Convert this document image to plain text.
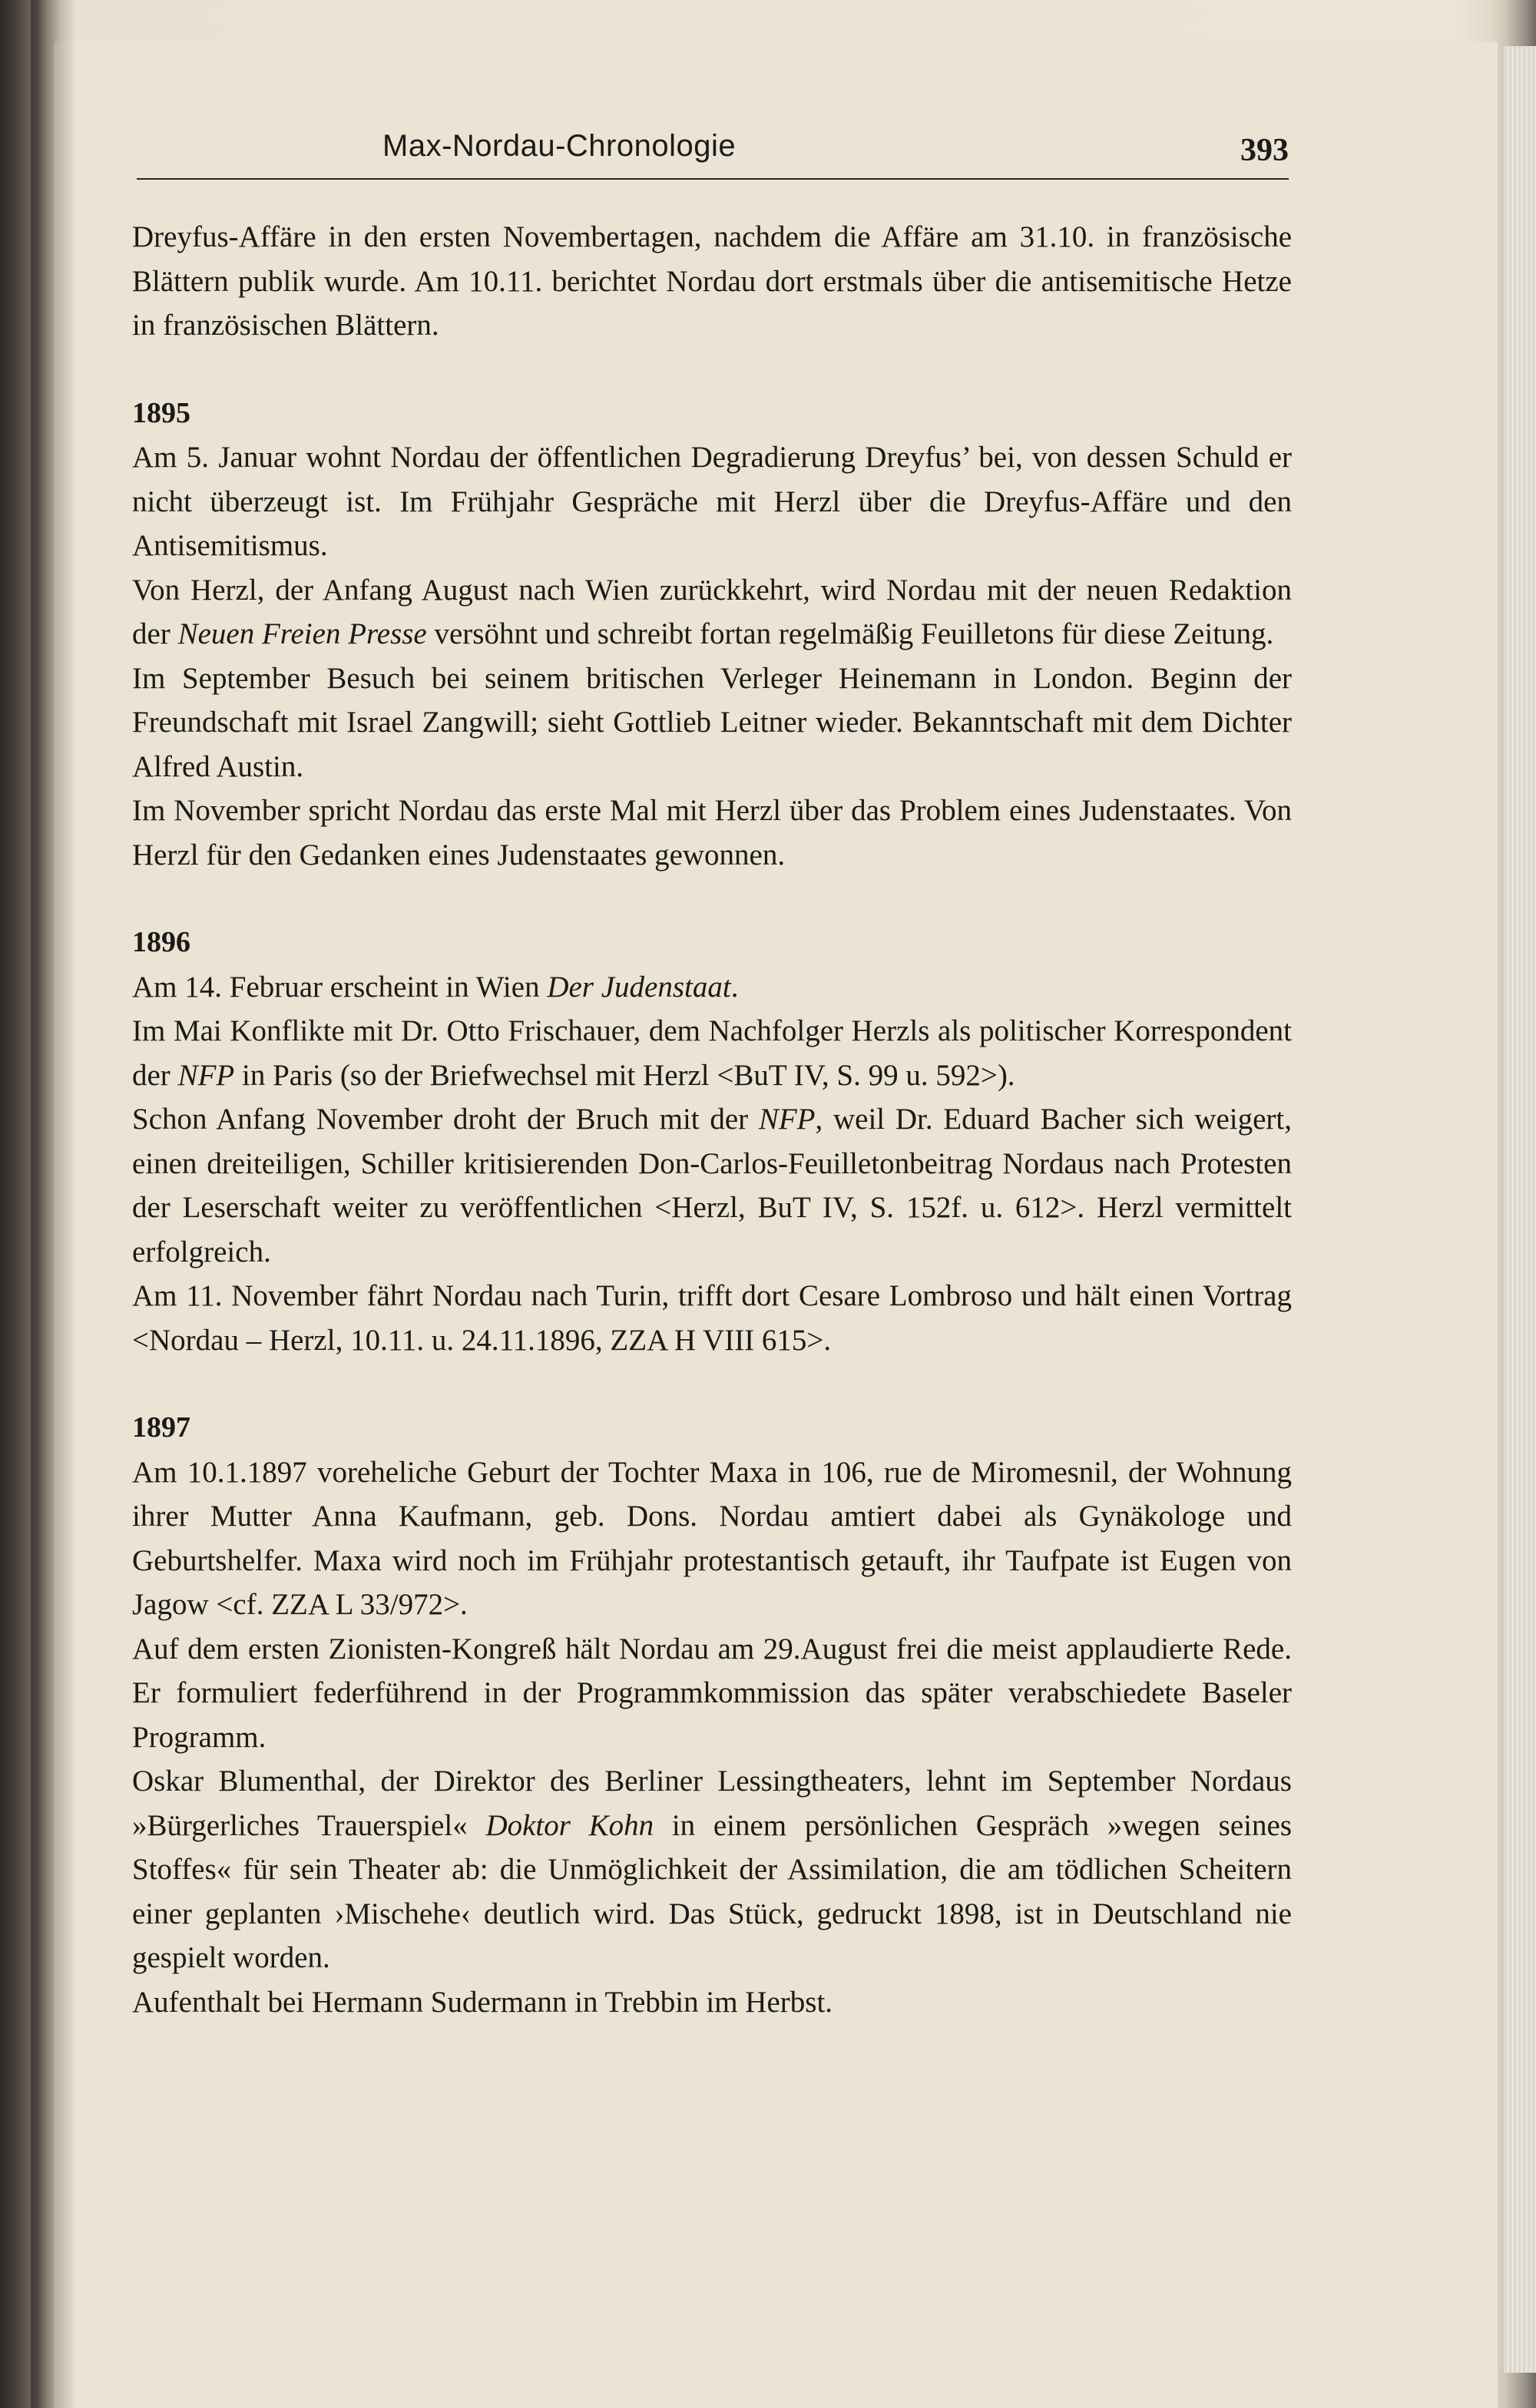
Max-Nordau-Chronologie	393

Dreyfus-Affäre in den ersten Novembertagen, nachdem die Affäre am 31.10. in französische Blättern publik wurde. Am 10.11. berichtet Nordau dort erstmals über die antisemitische Hetze in französischen Blättern.

1895

Am 5. Januar wohnt Nordau der öffentlichen Degradierung Dreyfus’ bei, von dessen Schuld er nicht überzeugt ist. Im Frühjahr Gespräche mit Herzl über die Dreyfus-Affäre und den Antisemitismus.

Von Herzl, der Anfang August nach Wien zurückkehrt, wird Nordau mit der neuen Redaktion der Neuen Freien Presse versöhnt und schreibt fortan regelmäßig Feuilletons für diese Zeitung.

Im September Besuch bei seinem britischen Verleger Heinemann in London. Beginn der Freundschaft mit Israel Zangwill; sieht Gottlieb Leitner wieder. Bekanntschaft mit dem Dichter Alfred Austin.

Im November spricht Nordau das erste Mal mit Herzl über das Problem eines Judenstaates. Von Herzl für den Gedanken eines Judenstaates gewonnen.

1896

Am 14. Februar erscheint in Wien Der Judenstaat.

Im Mai Konflikte mit Dr. Otto Frischauer, dem Nachfolger Herzls als politischer Korrespondent der NFP in Paris (so der Briefwechsel mit Herzl <BuT IV, S. 99 u. 592>).

Schon Anfang November droht der Bruch mit der NFP, weil Dr. Eduard Bacher sich weigert, einen dreiteiligen, Schiller kritisierenden Don-Carlos-Feuilletonbeitrag Nordaus nach Protesten der Leserschaft weiter zu veröffentlichen <Herzl, BuT IV, S. 152f. u. 612>. Herzl vermittelt erfolgreich.

Am 11. November fährt Nordau nach Turin, trifft dort Cesare Lombroso und hält einen Vortrag <Nordau – Herzl, 10.11. u. 24.11.1896, ZZA H VIII 615>.

1897

Am 10.1.1897 voreheliche Geburt der Tochter Maxa in 106, rue de Miromesnil, der Wohnung ihrer Mutter Anna Kaufmann, geb. Dons. Nordau amtiert dabei als Gynäkologe und Geburtshelfer. Maxa wird noch im Frühjahr protestantisch getauft, ihr Taufpate ist Eugen von Jagow <cf. ZZA L 33/972>.

Auf dem ersten Zionisten-Kongreß hält Nordau am 29.August frei die meist applaudierte Rede. Er formuliert federführend in der Programmkommission das später verabschiedete Baseler Programm.

Oskar Blumenthal, der Direktor des Berliner Lessingtheaters, lehnt im September Nordaus »Bürgerliches Trauerspiel« Doktor Kohn in einem persönlichen Gespräch »wegen seines Stoffes« für sein Theater ab: die Unmöglichkeit der Assimilation, die am tödlichen Scheitern einer geplanten ›Mischehe‹ deutlich wird. Das Stück, gedruckt 1898, ist in Deutschland nie gespielt worden.

Aufenthalt bei Hermann Sudermann in Trebbin im Herbst.
